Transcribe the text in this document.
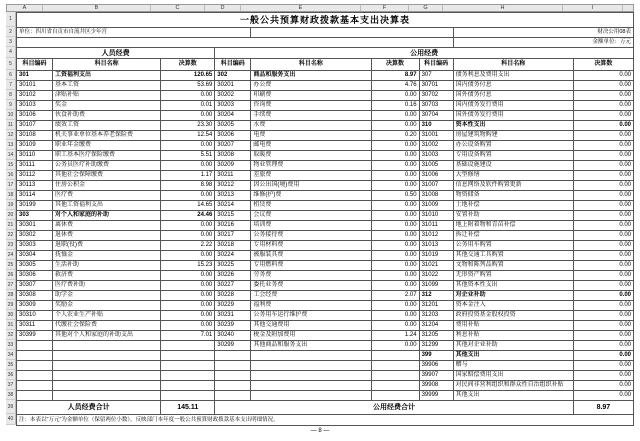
A	B	C	D	E	F	G	H	I
1
2
3
4
5
6
7
8
9
10
11
12
13
14
15
16
17
18
19
20
21
22
23
24
25
26
27
28
29
30
31
32
33
34
35
36
37
38
39
40
一般公共预算财政拨款基本支出决算表								
单位：四川省自贡市自流井区少年宫							财决公用08表	
							金额单位：万元	
人员经费			公用经费					
科目编码	科目名称	决算数	科目编码	科目名称	决算数	科目编码	科目名称	决算数
301	工资福利支出	120.65	302	商品和服务支出	8.97	307	债务利息及费用支出	0.00
30101	基本工资	53.69	30201	办公费	4.76	30701	国内债务付息	0.00
30102	津贴补贴	0.00	30202	印刷费	0.00	30702	国外债务付息	0.00
30103	奖金	0.01	30203	咨询费	0.16	30703	国内债务发行费用	0.00
30106	伙食补助费	0.00	30204	手续费	0.00	30704	国外债务发行费用	0.00
30107	绩效工资	23.30	30205	水费	0.00	310	资本性支出	0.00
30108	机关事业单位基本养老保险费	12.54	30206	电费	0.20	31001	房屋建筑物购建	0.00
30109	职业年金缴费	0.00	30207	邮电费	0.00	31002	办公设备购置	0.00
30110	职工基本医疗保险缴费	5.51	30208	取暖费	0.00	31003	专用设备购置	0.00
30111	公务员医疗补助缴费	0.00	30209	物业管理费	0.00	31005	基础设施建设	0.00
30112	其他社会保障缴费	1.17	30211	差旅费	0.00	31006	大型修缮	0.00
30113	住房公积金	8.98	30212	因公出国(境)费用	0.00	31007	信息网络及软件购置更新	0.00
30114	医疗费	0.00	30213	维修(护)费	0.50	31008	物资储备	0.00
30199	其他工资福利支出	14.65	30214	租赁费	0.00	31009	土地补偿	0.00
303	对个人和家庭的补助	24.46	30215	会议费	0.00	31010	安置补助	0.00
30301	离休费	0.00	30216	培训费	0.00	31011	地上附着物和青苗补偿	0.00
30302	退休费	0.00	30217	公务接待费	0.00	31012	拆迁补偿	0.00
30303	退职(役)费	2.22	30218	专用材料费	0.00	31013	公务用车购置	0.00
30304	抚恤金	0.00	30224	被服装具费	0.00	31019	其他交通工具购置	0.00
30305	生活补助	15.23	30225	专用燃料费	0.00	31021	文物和陈列品购置	0.00
30306	救济费	0.00	30226	劳务费	0.00	31022	无形资产购置	0.00
30307	医疗费补助	0.00	30227	委托业务费	0.00	31099	其他资本性支出	0.00
30308	助学金	0.00	30228	工会经费	2.07	312	对企业补助	0.00
30309	奖励金	0.00	30229	福利费	0.00	31201	资本金注入	0.00
30310	个人农业生产补贴	0.00	30231	公务用车运行维护费	0.00	31203	政府投资基金股权投资	0.00
30311	代缴社会保险费	0.00	30239	其他交通费用	0.00	31204	费用补贴	0.00
30399	其他对个人和家庭的补助支出	7.01	30240	税金及附加费用	1.24	31205	利息补贴	0.00
			30299	其他商品和服务支出	0.00	31299	其他对企业补助	0.00
						399	其他支出	0.00
						39906	赠与	0.00
						39907	国家赔偿费用支出	0.00
						39908	对民间非营利组织和群众性自治组织补贴	0.00
						39999	其他支出	0.00
人员经费合计		145.11	公用经费合计					8.97
注：本表以"万元"为金额单位（保留两位小数），反映部门本年度一般公共预算财政拨款基本支出明细情况。								
— 8 —
